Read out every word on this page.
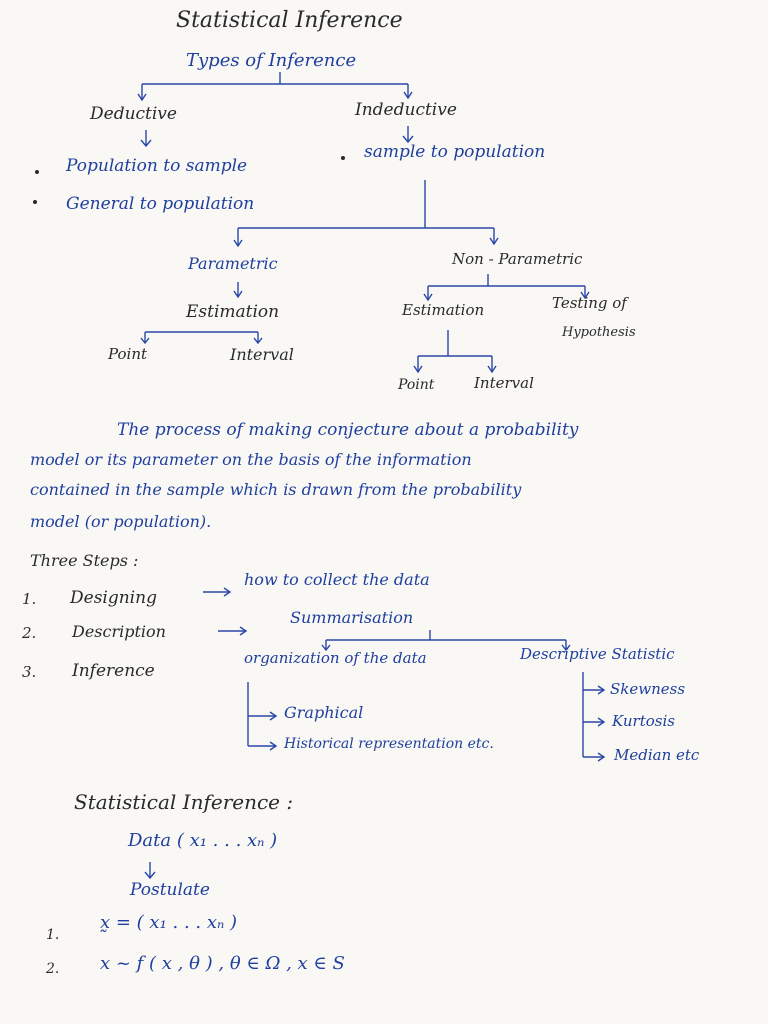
Statistical Inference
Types of Inference
Deductive
Population to sample
General to population
Indeductive
sample to population
Parametric
Estimation
Point	Interval
Non - Parametric
Estimation	Testing of
Hypothesis
Point	Interval
The process of making conjecture about a probability
model or its parameter on the basis of the information
contained in the sample which is drawn from the probability
model (or population).
Three Steps :
1. Designing
how to collect the data
2. Description
Summarisation
3. Inference
organization of the data
Graphical
Historical representation etc.
Descriptive Statistic
Skewness
Kurtosis
Median etc
Statistical Inference :
Data ( x₁ . . . xₙ )
Postulate
1.
x̰ = ( x₁ . . . xₙ )
2. x ~ f ( x , θ ) , θ ∈ Ω , x ∈ S
